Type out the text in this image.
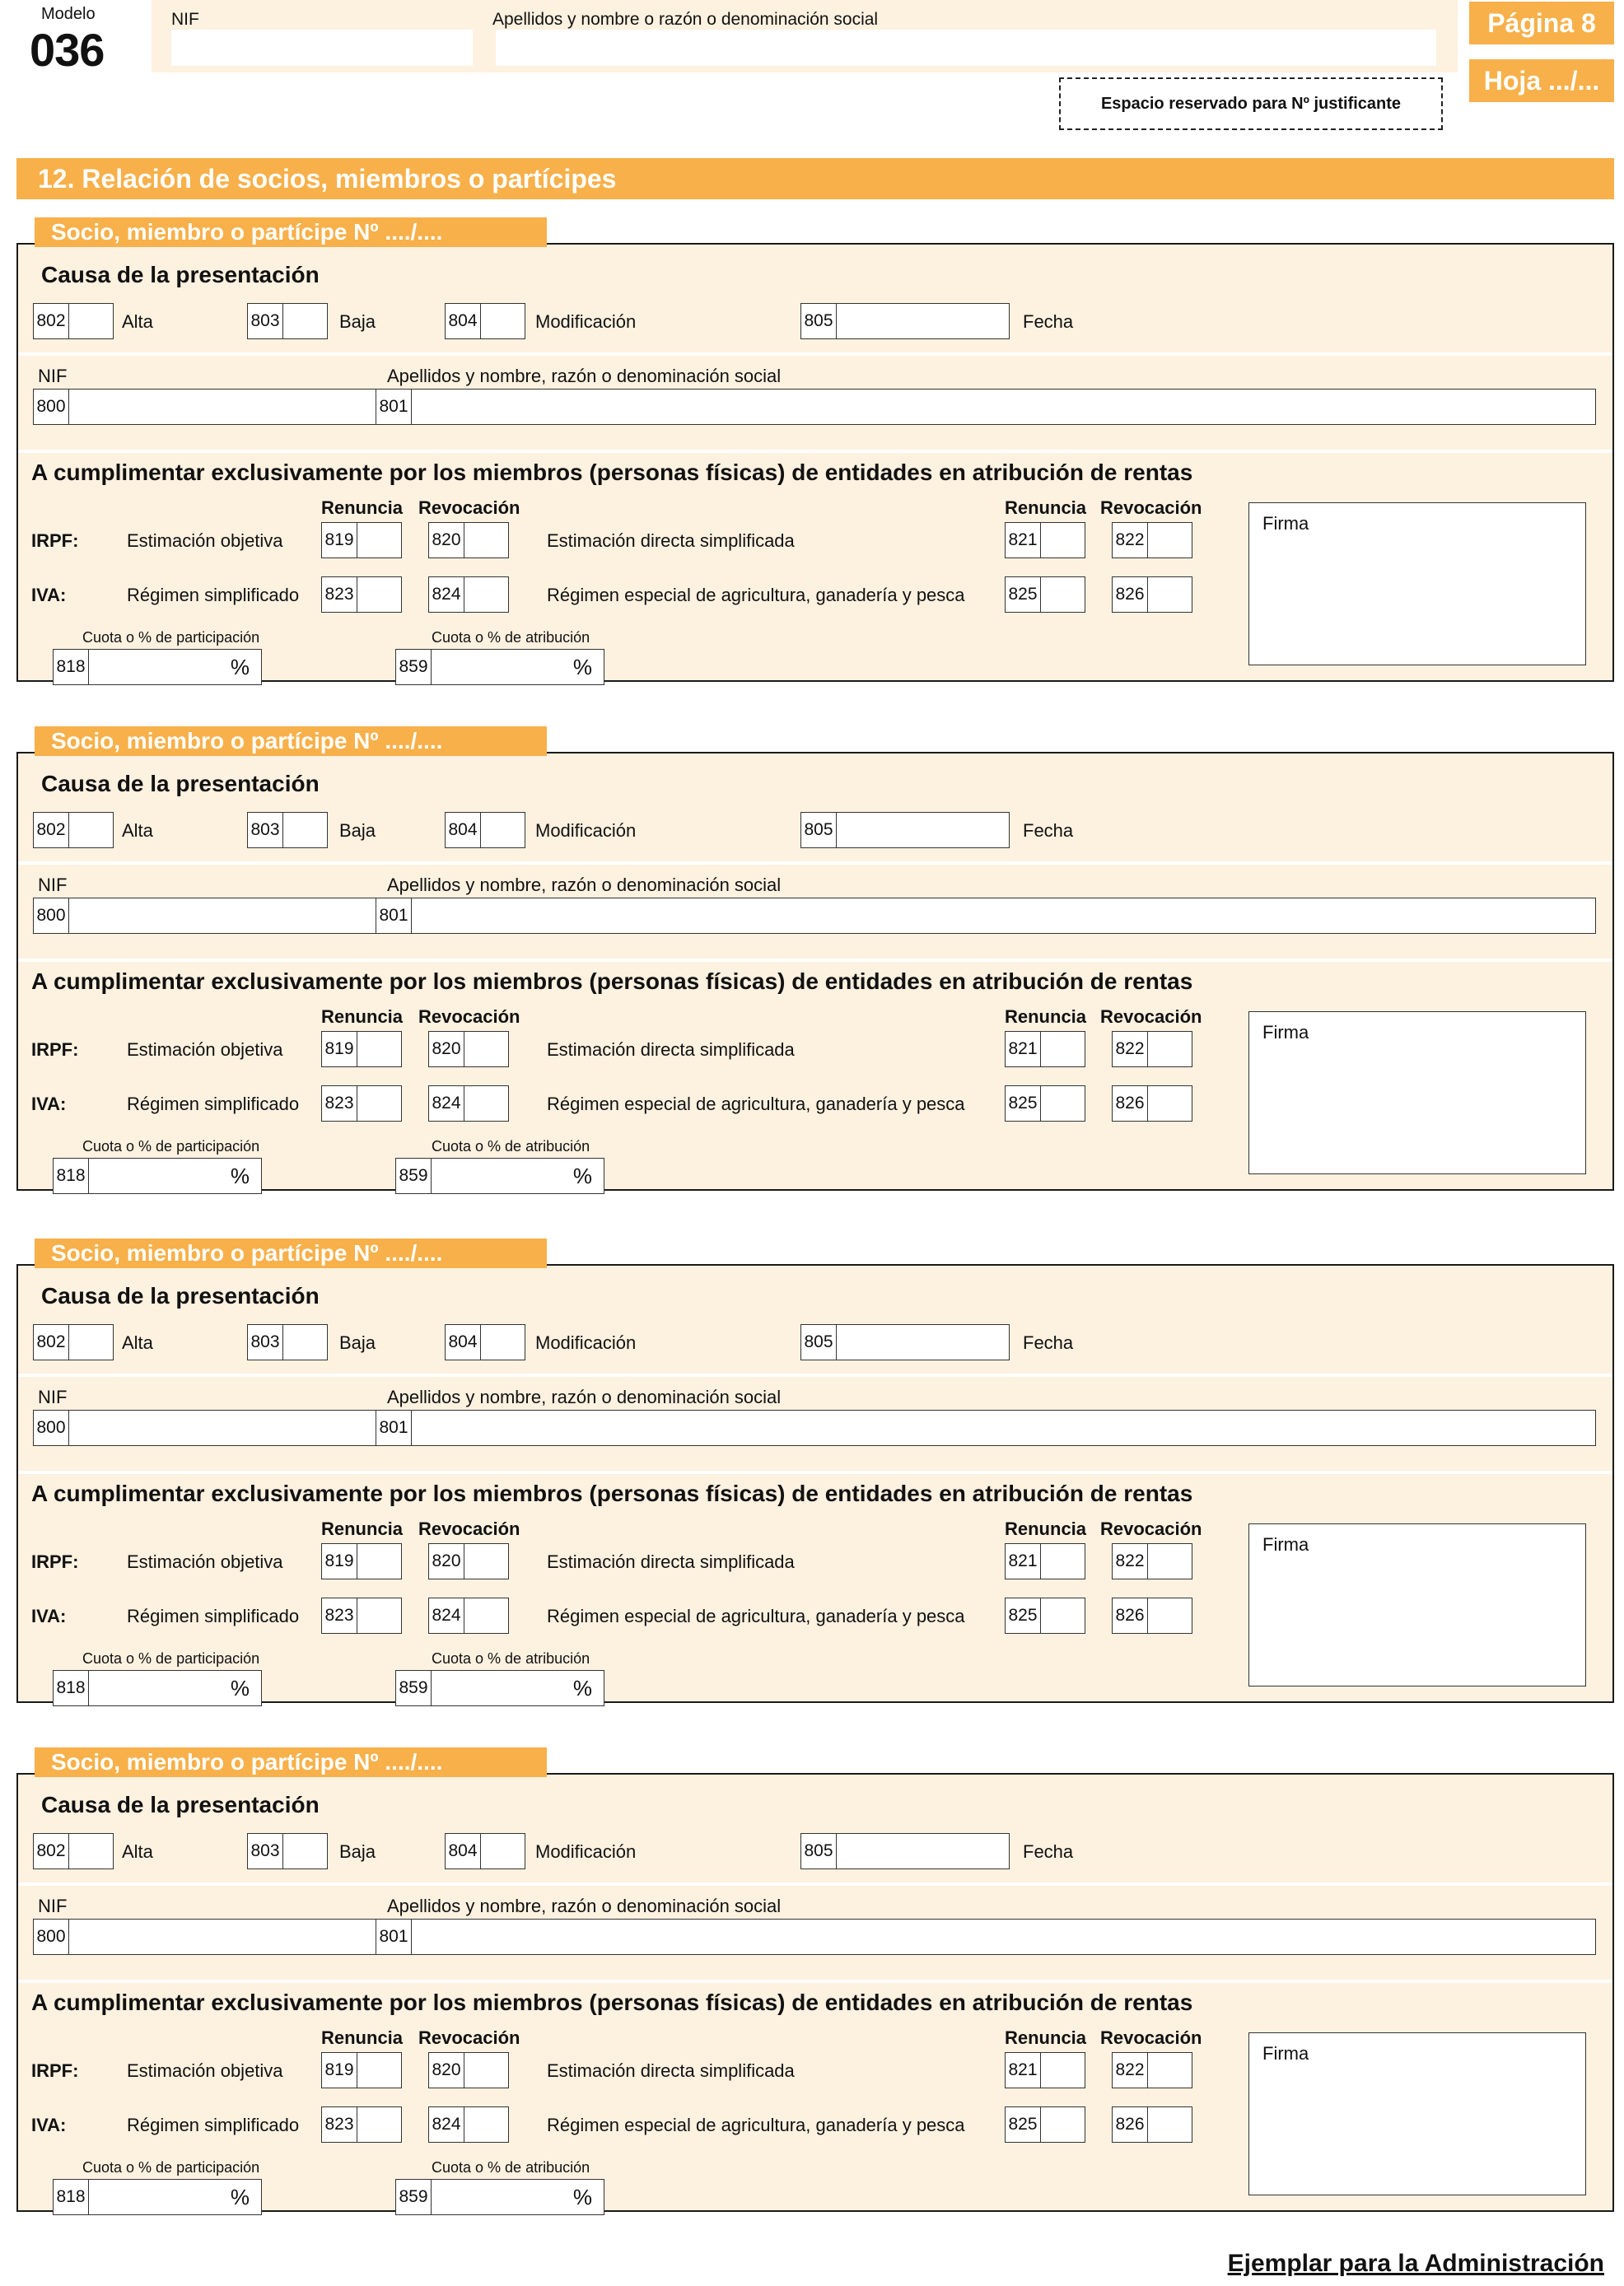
Modelo
036
NIF	Apellidos y nombre o razón o denominación social	Página 8
Hoja .../...
Espacio reservado para Nº justificante
12. Relación de socios, miembros o partícipes
Socio, miembro o partícipe Nº ..../....
Causa de la presentación
802	Alta	803	Baja	804	Modificación	805	Fecha
NIF
800
Apellidos y nombre, razón o denominación social
801
A cumplimentar exclusivamente por los miembros (personas físicas) de entidades en atribución de rentas
Renuncia Revocación	Renuncia Revocación
IRPF:	Estimación objetiva 819	820	Estimación directa simplificada	821	822
IVA:	Régimen simplificado 823	824	Régimen especial de agricultura, ganadería y pesca	825	826
Cuota o % de participación
818	%
Cuota o % de atribución
859	%
Firma
Socio, miembro o partícipe Nº ..../....
Causa de la presentación
802	Alta	803	Baja	804	Modificación	805	Fecha
NIF
800
Apellidos y nombre, razón o denominación social
801
A cumplimentar exclusivamente por los miembros (personas físicas) de entidades en atribución de rentas
Renuncia Revocación	Renuncia Revocación
IRPF:	Estimación objetiva 819	820	Estimación directa simplificada	821	822
IVA:	Régimen simplificado 823	824	Régimen especial de agricultura, ganadería y pesca	825	826
Cuota o % de participación
818	%
Cuota o % de atribución
859	%
Firma
Socio, miembro o partícipe Nº ..../....
Causa de la presentación
802	Alta	803	Baja	804	Modificación	805	Fecha
NIF
800
Apellidos y nombre, razón o denominación social
801
A cumplimentar exclusivamente por los miembros (personas físicas) de entidades en atribución de rentas
Renuncia Revocación	Renuncia Revocación
IRPF:	Estimación objetiva 819	820	Estimación directa simplificada	821	822
IVA:	Régimen simplificado 823	824	Régimen especial de agricultura, ganadería y pesca	825	826
Cuota o % de participación
818	%
Cuota o % de atribución
859	%
Firma
Socio, miembro o partícipe Nº ..../....
Causa de la presentación
802	Alta	803	Baja	804	Modificación	805	Fecha
NIF
800
Apellidos y nombre, razón o denominación social
801
A cumplimentar exclusivamente por los miembros (personas físicas) de entidades en atribución de rentas
Renuncia Revocación	Renuncia Revocación
IRPF:	Estimación objetiva 819	820	Estimación directa simplificada	821	822
IVA:	Régimen simplificado 823	824	Régimen especial de agricultura, ganadería y pesca	825	826
Cuota o % de participación
818	%
Cuota o % de atribución
859	%
Firma
Ejemplar para la Administración
